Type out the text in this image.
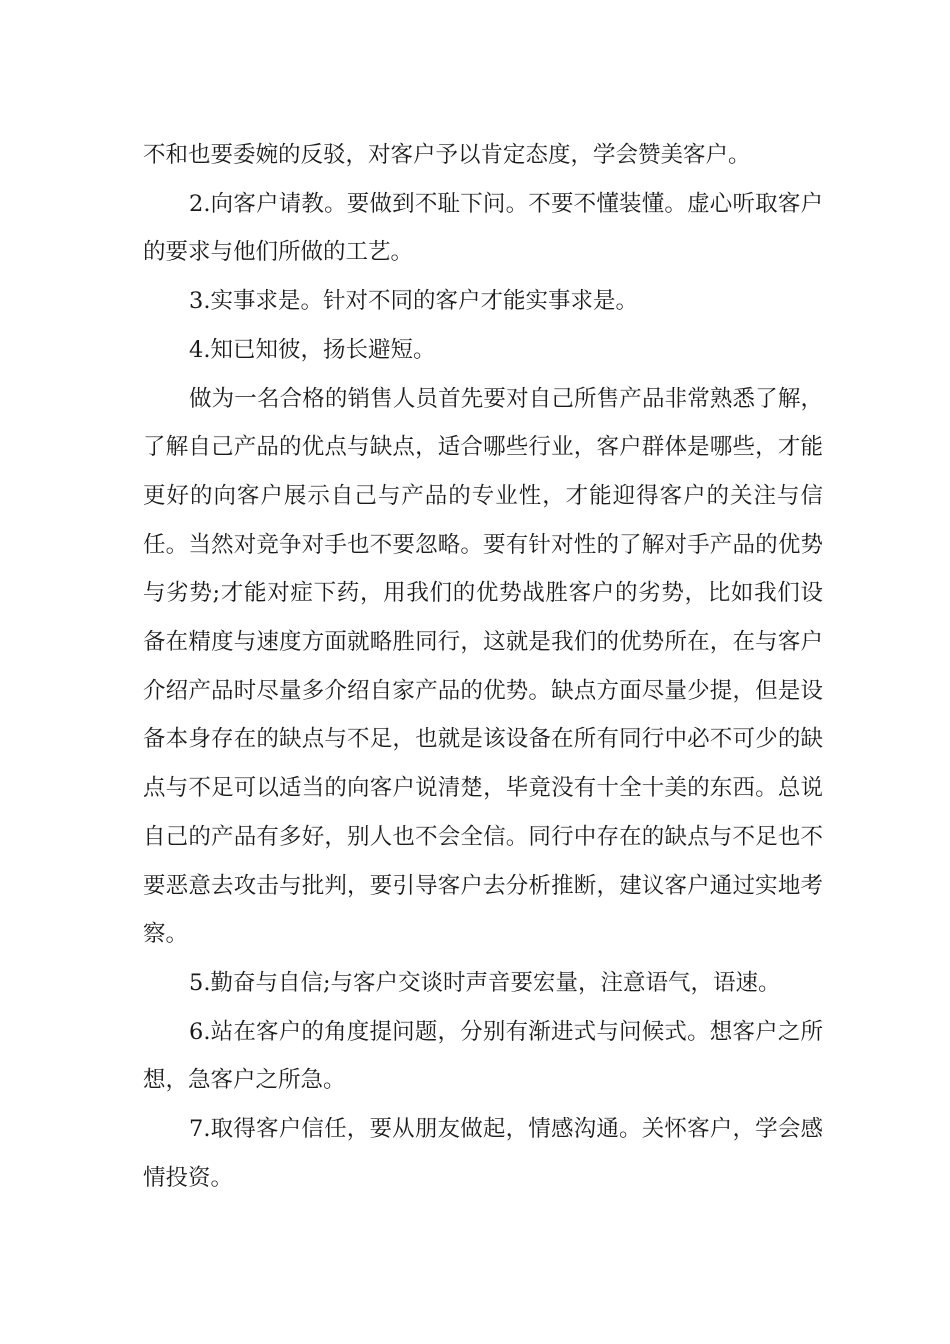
不和也要委婉的反驳，对客户予以肯定态度，学会赞美客户。

2.向客户请教。要做到不耻下问。不要不懂装懂。虚心听取客户的要求与他们所做的工艺。

3.实事求是。针对不同的客户才能实事求是。

4.知已知彼，扬长避短。

做为一名合格的销售人员首先要对自己所售产品非常熟悉了解，了解自己产品的优点与缺点，适合哪些行业，客户群体是哪些，才能更好的向客户展示自己与产品的专业性，才能迎得客户的关注与信任。当然对竞争对手也不要忽略。要有针对性的了解对手产品的优势与劣势;才能对症下药，用我们的优势战胜客户的劣势，比如我们设备在精度与速度方面就略胜同行，这就是我们的优势所在，在与客户介绍产品时尽量多介绍自家产品的优势。缺点方面尽量少提，但是设备本身存在的缺点与不足，也就是该设备在所有同行中必不可少的缺点与不足可以适当的向客户说清楚，毕竟没有十全十美的东西。总说自己的产品有多好，别人也不会全信。同行中存在的缺点与不足也不要恶意去攻击与批判，要引导客户去分析推断，建议客户通过实地考察。

5.勤奋与自信;与客户交谈时声音要宏量，注意语气，语速。

6.站在客户的角度提问题，分别有渐进式与问候式。想客户之所想，急客户之所急。

7.取得客户信任，要从朋友做起，情感沟通。关怀客户，学会感情投资。
